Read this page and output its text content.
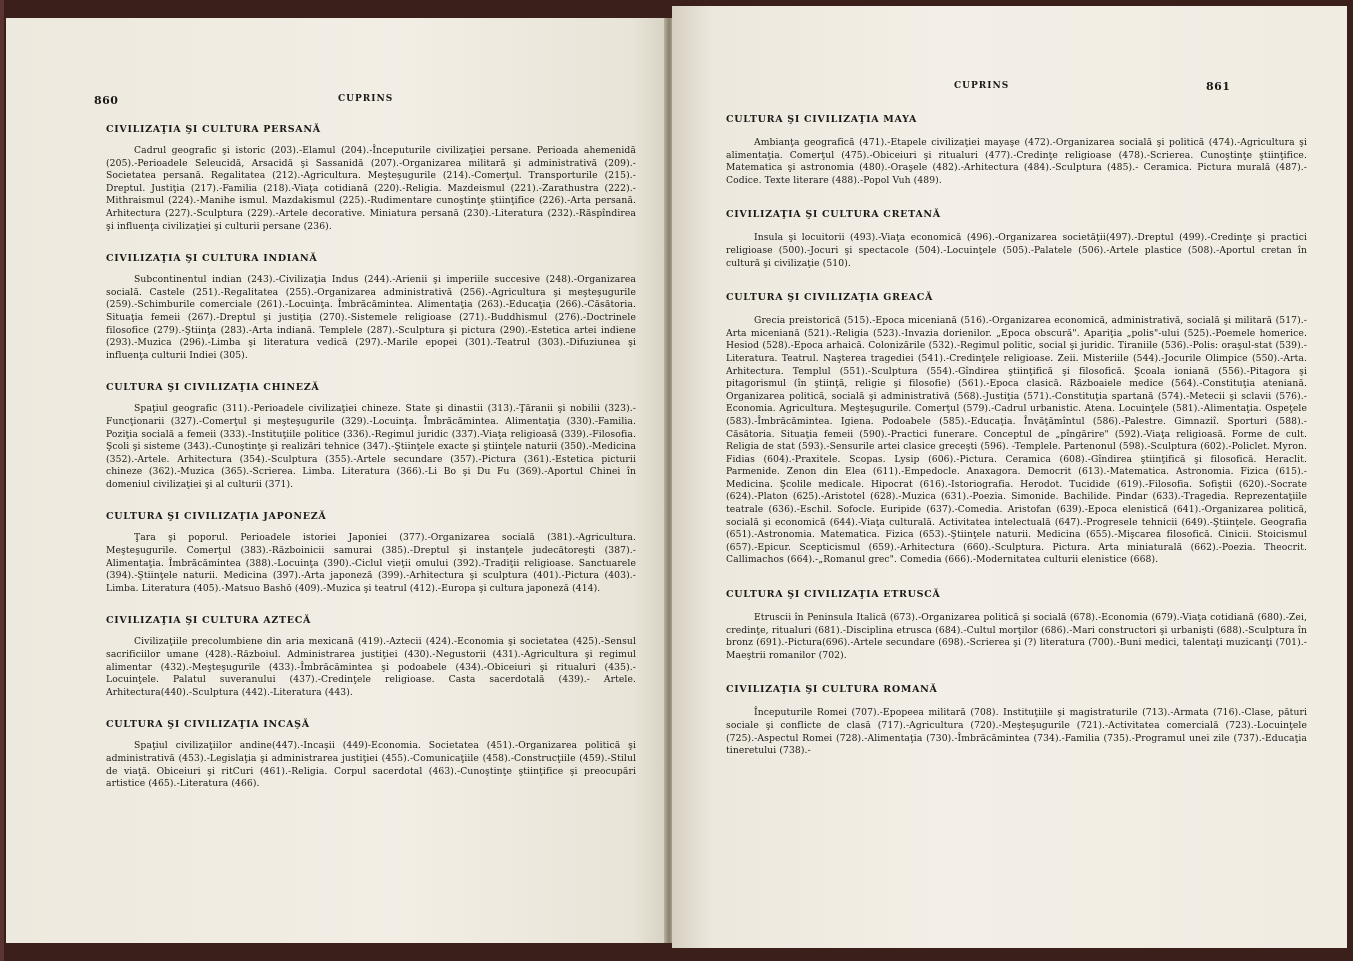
860	CUPRINS
CIVILIZAŢIA ŞI CULTURA PERSANĂ

Cadrul geografic şi istoric (203).-Elamul (204).-Începuturile civilizaţiei persane. Perioada ahemenidă (205).-Perioadele Seleucidă, Arsacidă şi Sassanidă (207).-Organizarea militară şi administrativă (209).-Societatea persană. Regalitatea (212).-Agricultura. Meşteşugurile (214).-Comerţul. Transporturile (215).-Dreptul. Justiţia (217).-Familia (218).-Viaţa cotidiană (220).-Religia. Mazdeismul (221).-Zarathustra (222).-Mithraismul (224).-Manihe ismul. Mazdakismul (225).-Rudimentare cunoştinţe ştiinţifice (226).-Arta persană. Arhitectura (227).-Sculptura (229).-Artele decorative. Miniatura persană (230).-Literatura (232).-Răspîndirea şi influenţa civilizaţiei şi culturii persane (236).

CIVILIZAŢIA ŞI CULTURA INDIANĂ

Subcontinentul indian (243).-Civilizaţia Indus (244).-Arienii şi imperiile succesive (248).-Organizarea socială. Castele (251).-Regalitatea (255).-Organizarea administrativă (256).-Agricultura şi meşteşugurile (259).-Schimburile comerciale (261).-Locuinţa. Îmbrăcămintea. Alimentaţia (263).-Educaţia (266).-Căsătoria. Situaţia femeii (267).-Dreptul şi justiţia (270).-Sistemele religioase (271).-Buddhismul (276).-Doctrinele filosofice (279).-Ştiinţa (283).-Arta indiană. Templele (287).-Sculptura şi pictura (290).-Estetica artei indiene (293).-Muzica (296).-Limba şi literatura vedică (297).-Marile epopei (301).-Teatrul (303).-Difuziunea şi influenţa culturii Indiei (305).

CULTURA ŞI CIVILIZAŢIA CHINEZĂ

Spaţiul geografic (311).-Perioadele civilizaţiei chineze. State şi dinastii (313).-Ţăranii şi nobilii (323).-Funcţionarii (327).-Comerţul şi meşteşugurile (329).-Locuinţa. Îmbrăcămintea. Alimentaţia (330).-Familia. Poziţia socială a femeii (333).-Instituţiile politice (336).-Regimul juridic (337).-Viaţa religioasă (339).-Filosofia. Şcoli şi sisteme (343).-Cunoştinţe şi realizări tehnice (347).-Ştiinţele exacte şi ştiinţele naturii (350).-Medicina (352).-Artele. Arhitectura (354).-Sculptura (355).-Artele secundare (357).-Pictura (361).-Estetica picturii chineze (362).-Muzica (365).-Scrierea. Limba. Literatura (366).-Li Bo şi Du Fu (369).-Aportul Chinei în domeniul civilizaţiei şi al culturii (371).

CULTURA ŞI CIVILIZAŢIA JAPONEZĂ

Ţara şi poporul. Perioadele istoriei Japoniei (377).-Organizarea socială (381).-Agricultura. Meşteşugurile. Comerţul (383).-Războinicii samurai (385).-Dreptul şi instanţele judecătoreşti (387).-Alimentaţia. Îmbrăcămintea (388).-Locuinţa (390).-Ciclul vieţii omului (392).-Tradiţii religioase. Sanctuarele (394).-Ştiinţele naturii. Medicina (397).-Arta japoneză (399).-Arhitectura şi sculptura (401).-Pictura (403).-Limba. Literatura (405).-Matsuo Bashō (409).-Muzica şi teatrul (412).-Europa şi cultura japoneză (414).

CIVILIZAŢIA ŞI CULTURA AZTECĂ

Civilizaţiile precolumbiene din aria mexicană (419).-Aztecii (424).-Economia şi societatea (425).-Sensul sacrificiilor umane (428).-Războiul. Administrarea justiţiei (430).-Negustorii (431).-Agricultura şi regimul alimentar (432).-Meşteşugurile (433).-Îmbrăcămintea şi podoabele (434).-Obiceiuri şi ritualuri (435).-Locuinţele. Palatul suveranului (437).-Credinţele religioase. Casta sacerdotală (439).- Artele. Arhitectura(440).-Sculptura (442).-Literatura (443).

CULTURA ŞI CIVILIZAŢIA INCAŞĂ

Spaţiul civilizaţiilor andine(447).-Incaşii (449)-Economia. Societatea (451).-Organizarea politică şi administrativă (453).-Legislaţia şi administrarea justiţiei (455).-Comunicaţiile (458).-Construcţiile (459).-Stilul de viaţă. Obiceiuri şi ritCuri (461).-Religia. Corpul sacerdotal (463).-Cunoştinţe ştiinţifice şi preocupări artistice (465).-Literatura (466).

CUPRINS	861
CULTURA ŞI CIVILIZAŢIA MAYA

Ambianţa geografică (471).-Etapele civilizaţiei mayaşe (472).-Organizarea socială şi politică (474).-Agricultura şi alimentaţia. Comerţul (475).-Obiceiuri şi ritualuri (477).-Credinţe religioase (478).-Scrierea. Cunoştinţe ştiinţifice. Matematica şi astronomia (480).-Oraşele (482).-Arhitectura (484).-Sculptura (485).- Ceramica. Pictura murală (487).-Codice. Texte literare (488).-Popol Vuh (489).

CIVILIZAŢIA ŞI CULTURA CRETANĂ

Insula şi locuitorii (493).-Viaţa economică (496).-Organizarea societăţii(497).-Dreptul (499).-Credinţe şi practici religioase (500).-Jocuri şi spectacole (504).-Locuinţele (505).-Palatele (506).-Artele plastice (508).-Aportul cretan în cultură şi civilizaţie (510).

CULTURA ŞI CIVILIZAŢIA GREACĂ

Grecia preistorică (515).-Epoca miceniană (516).-Organizarea economică, administrativă, socială şi militară (517).-Arta miceniană (521).-Religia (523).-Invazia dorienilor. „Epoca obscură". Apariţia „polis"-ului (525).-Poemele homerice. Hesiod (528).-Epoca arhaică. Colonizările (532).-Regimul politic, social şi juridic. Tiraniile (536).-Polis: oraşul-stat (539).-Literatura. Teatrul. Naşterea tragediei (541).-Credinţele religioase. Zeii. Misteriile (544).-Jocurile Olimpice (550).-Arta. Arhitectura. Templul (551).-Sculptura (554).-Gîndirea ştiinţifică şi filosofică. Şcoala ioniană (556).-Pitagora şi pitagorismul (în ştiinţă, religie şi filosofie) (561).-Epoca clasică. Războaiele medice (564).-Constituţia ateniană. Organizarea politică, socială şi administrativă (568).-Justiţia (571).-Constituţia spartană (574).-Metecii şi sclavii (576).-Economia. Agricultura. Meşteşugurile. Comerţul (579).-Cadrul urbanistic. Atena. Locuinţele (581).-Alimentaţia. Ospeţele (583).-Îmbrăcămintea. Igiena. Podoabele (585).-Educaţia. Învăţămîntul (586).-Palestre. Gimnaziî. Sporturi (588).-Căsătoria. Situaţia femeii (590).-Practici funerare. Conceptul de „pîngărire" (592).-Viaţa religioasă. Forme de cult. Religia de stat (593).-Sensurile artei clasice greceşti (596). -Templele. Partenonul (598).-Sculptura (602).-Policlet. Myron. Fidias (604).-Praxitele. Scopas. Lysip (606).-Pictura. Ceramica (608).-Gîndirea ştiinţifică şi filosofică. Heraclit. Parmenide. Zenon din Elea (611).-Empedocle. Anaxagora. Democrit (613).-Matematica. Astronomia. Fizica (615).-Medicina. Şcolile medicale. Hipocrat (616).-Istoriografia. Herodot. Tucidide (619).-Filosofia. Sofiştii (620).-Socrate (624).-Platon (625).-Aristotel (628).-Muzica (631).-Poezia. Simonide. Bachilide. Pindar (633).-Tragedia. Reprezentaţiile teatrale (636).-Eschil. Sofocle. Euripide (637).-Comedia. Aristofan (639).-Epoca elenistică (641).-Organizarea politică, socială şi economică (644).-Viaţa culturală. Activitatea intelectuală (647).-Progresele tehnicii (649).-Ştiinţele. Geografia (651).-Astronomia. Matematica. Fizica (653).-Ştiinţele naturii. Medicina (655).-Mişcarea filosofică. Cinicii. Stoicismul (657).-Epicur. Scepticismul (659).-Arhitectura (660).-Sculptura. Pictura. Arta miniaturală (662).-Poezia. Theocrit. Callimachos (664).-„Romanul grec". Comedia (666).-Modernitatea culturii elenistice (668).

CULTURA ŞI CIVILIZAŢIA ETRUSCĂ

Etruscii în Peninsula Italică (673).-Organizarea politică şi socială (678).-Economia (679).-Viaţa cotidiană (680).-Zei, credinţe, ritualuri (681).-Disciplina etrusca (684).-Cultul morţilor (686).-Mari constructori şi urbanişti (688).-Sculptura în bronz (691).-Pictura(696).-Artele secundare (698).-Scrierea şi (?) literatura (700).-Buni medici, talentaţi muzicanţi (701).-Maeştrii romanilor (702).

CIVILIZAŢIA ŞI CULTURA ROMANĂ

Începuturile Romei (707).-Epopeea militară (708). Instituţiile şi magistraturile (713).-Armata (716).-Clase, pături sociale şi conflicte de clasă (717).-Agricultura (720).-Meşteşugurile (721).-Activitatea comercială (723).-Locuinţele (725).-Aspectul Romei (728).-Alimentaţia (730).-Îmbrăcămintea (734).-Familia (735).-Programul unei zile (737).-Educaţia tineretului (738).-
